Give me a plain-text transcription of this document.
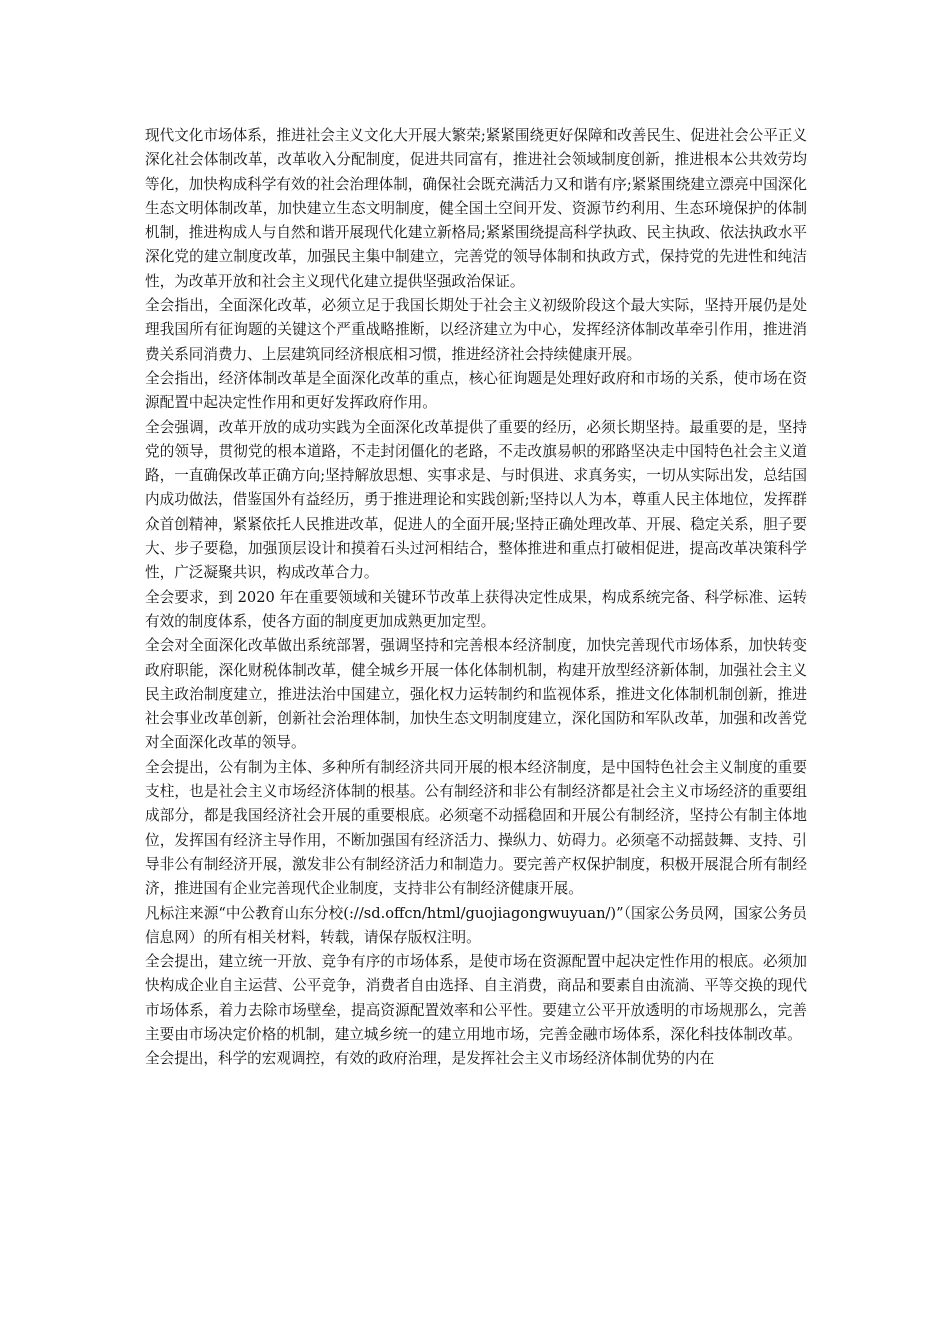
现代文化市场体系，推进社会主义文化大开展大繁荣;紧紧围绕更好保障和改善民生、促进社会公平正义深化社会体制改革，改革收入分配制度，促进共同富有，推进社会领域制度创新，推进根本公共效劳均等化，加快构成科学有效的社会治理体制，确保社会既充满活力又和谐有序;紧紧围绕建立漂亮中国深化生态文明体制改革，加快建立生态文明制度，健全国土空间开发、资源节约利用、生态环境保护的体制机制，推进构成人与自然和谐开展现代化建立新格局;紧紧围绕提高科学执政、民主执政、依法执政水平深化党的建立制度改革，加强民主集中制建立，完善党的领导体制和执政方式，保持党的先进性和纯洁性，为改革开放和社会主义现代化建立提供坚强政治保证。

全会指出，全面深化改革，必须立足于我国长期处于社会主义初级阶段这个最大实际，坚持开展仍是处理我国所有征询题的关键这个严重战略推断，以经济建立为中心，发挥经济体制改革牵引作用，推进消费关系同消费力、上层建筑同经济根底相习惯，推进经济社会持续健康开展。

全会指出，经济体制改革是全面深化改革的重点，核心征询题是处理好政府和市场的关系，使市场在资源配置中起决定性作用和更好发挥政府作用。

全会强调，改革开放的成功实践为全面深化改革提供了重要的经历，必须长期坚持。最重要的是，坚持党的领导，贯彻党的根本道路，不走封闭僵化的老路，不走改旗易帜的邪路坚决走中国特色社会主义道路，一直确保改革正确方向;坚持解放思想、实事求是、与时俱进、求真务实，一切从实际出发，总结国内成功做法，借鉴国外有益经历，勇于推进理论和实践创新;坚持以人为本，尊重人民主体地位，发挥群众首创精神，紧紧依托人民推进改革，促进人的全面开展;坚持正确处理改革、开展、稳定关系，胆子要大、步子要稳，加强顶层设计和摸着石头过河相结合，整体推进和重点打破相促进，提高改革决策科学性，广泛凝聚共识，构成改革合力。

全会要求，到 2020 年在重要领域和关键环节改革上获得决定性成果，构成系统完备、科学标准、运转有效的制度体系，使各方面的制度更加成熟更加定型。

全会对全面深化改革做出系统部署，强调坚持和完善根本经济制度，加快完善现代市场体系，加快转变政府职能，深化财税体制改革，健全城乡开展一体化体制机制，构建开放型经济新体制，加强社会主义民主政治制度建立，推进法治中国建立，强化权力运转制约和监视体系，推进文化体制机制创新，推进社会事业改革创新，创新社会治理体制，加快生态文明制度建立，深化国防和军队改革，加强和改善党对全面深化改革的领导。

全会提出，公有制为主体、多种所有制经济共同开展的根本经济制度，是中国特色社会主义制度的重要支柱，也是社会主义市场经济体制的根基。公有制经济和非公有制经济都是社会主义市场经济的重要组成部分，都是我国经济社会开展的重要根底。必须毫不动摇稳固和开展公有制经济，坚持公有制主体地位，发挥国有经济主导作用，不断加强国有经济活力、操纵力、妨碍力。必须毫不动摇鼓舞、支持、引导非公有制经济开展，激发非公有制经济活力和制造力。要完善产权保护制度，积极开展混合所有制经济，推进国有企业完善现代企业制度，支持非公有制经济健康开展。

凡标注来源“中公教育山东分校(://sd.offcn/html/guojiagongwuyuan/)”（国家公务员网，国家公务员信息网）的所有相关材料，转载，请保存版权注明。

全会提出，建立统一开放、竞争有序的市场体系，是使市场在资源配置中起决定性作用的根底。必须加快构成企业自主运营、公平竞争，消费者自由选择、自主消费，商品和要素自由流淌、平等交换的现代市场体系，着力去除市场壁垒，提高资源配置效率和公平性。要建立公平开放透明的市场规那么，完善主要由市场决定价格的机制，建立城乡统一的建立用地市场，完善金融市场体系，深化科技体制改革。

全会提出，科学的宏观调控，有效的政府治理，是发挥社会主义市场经济体制优势的内在
